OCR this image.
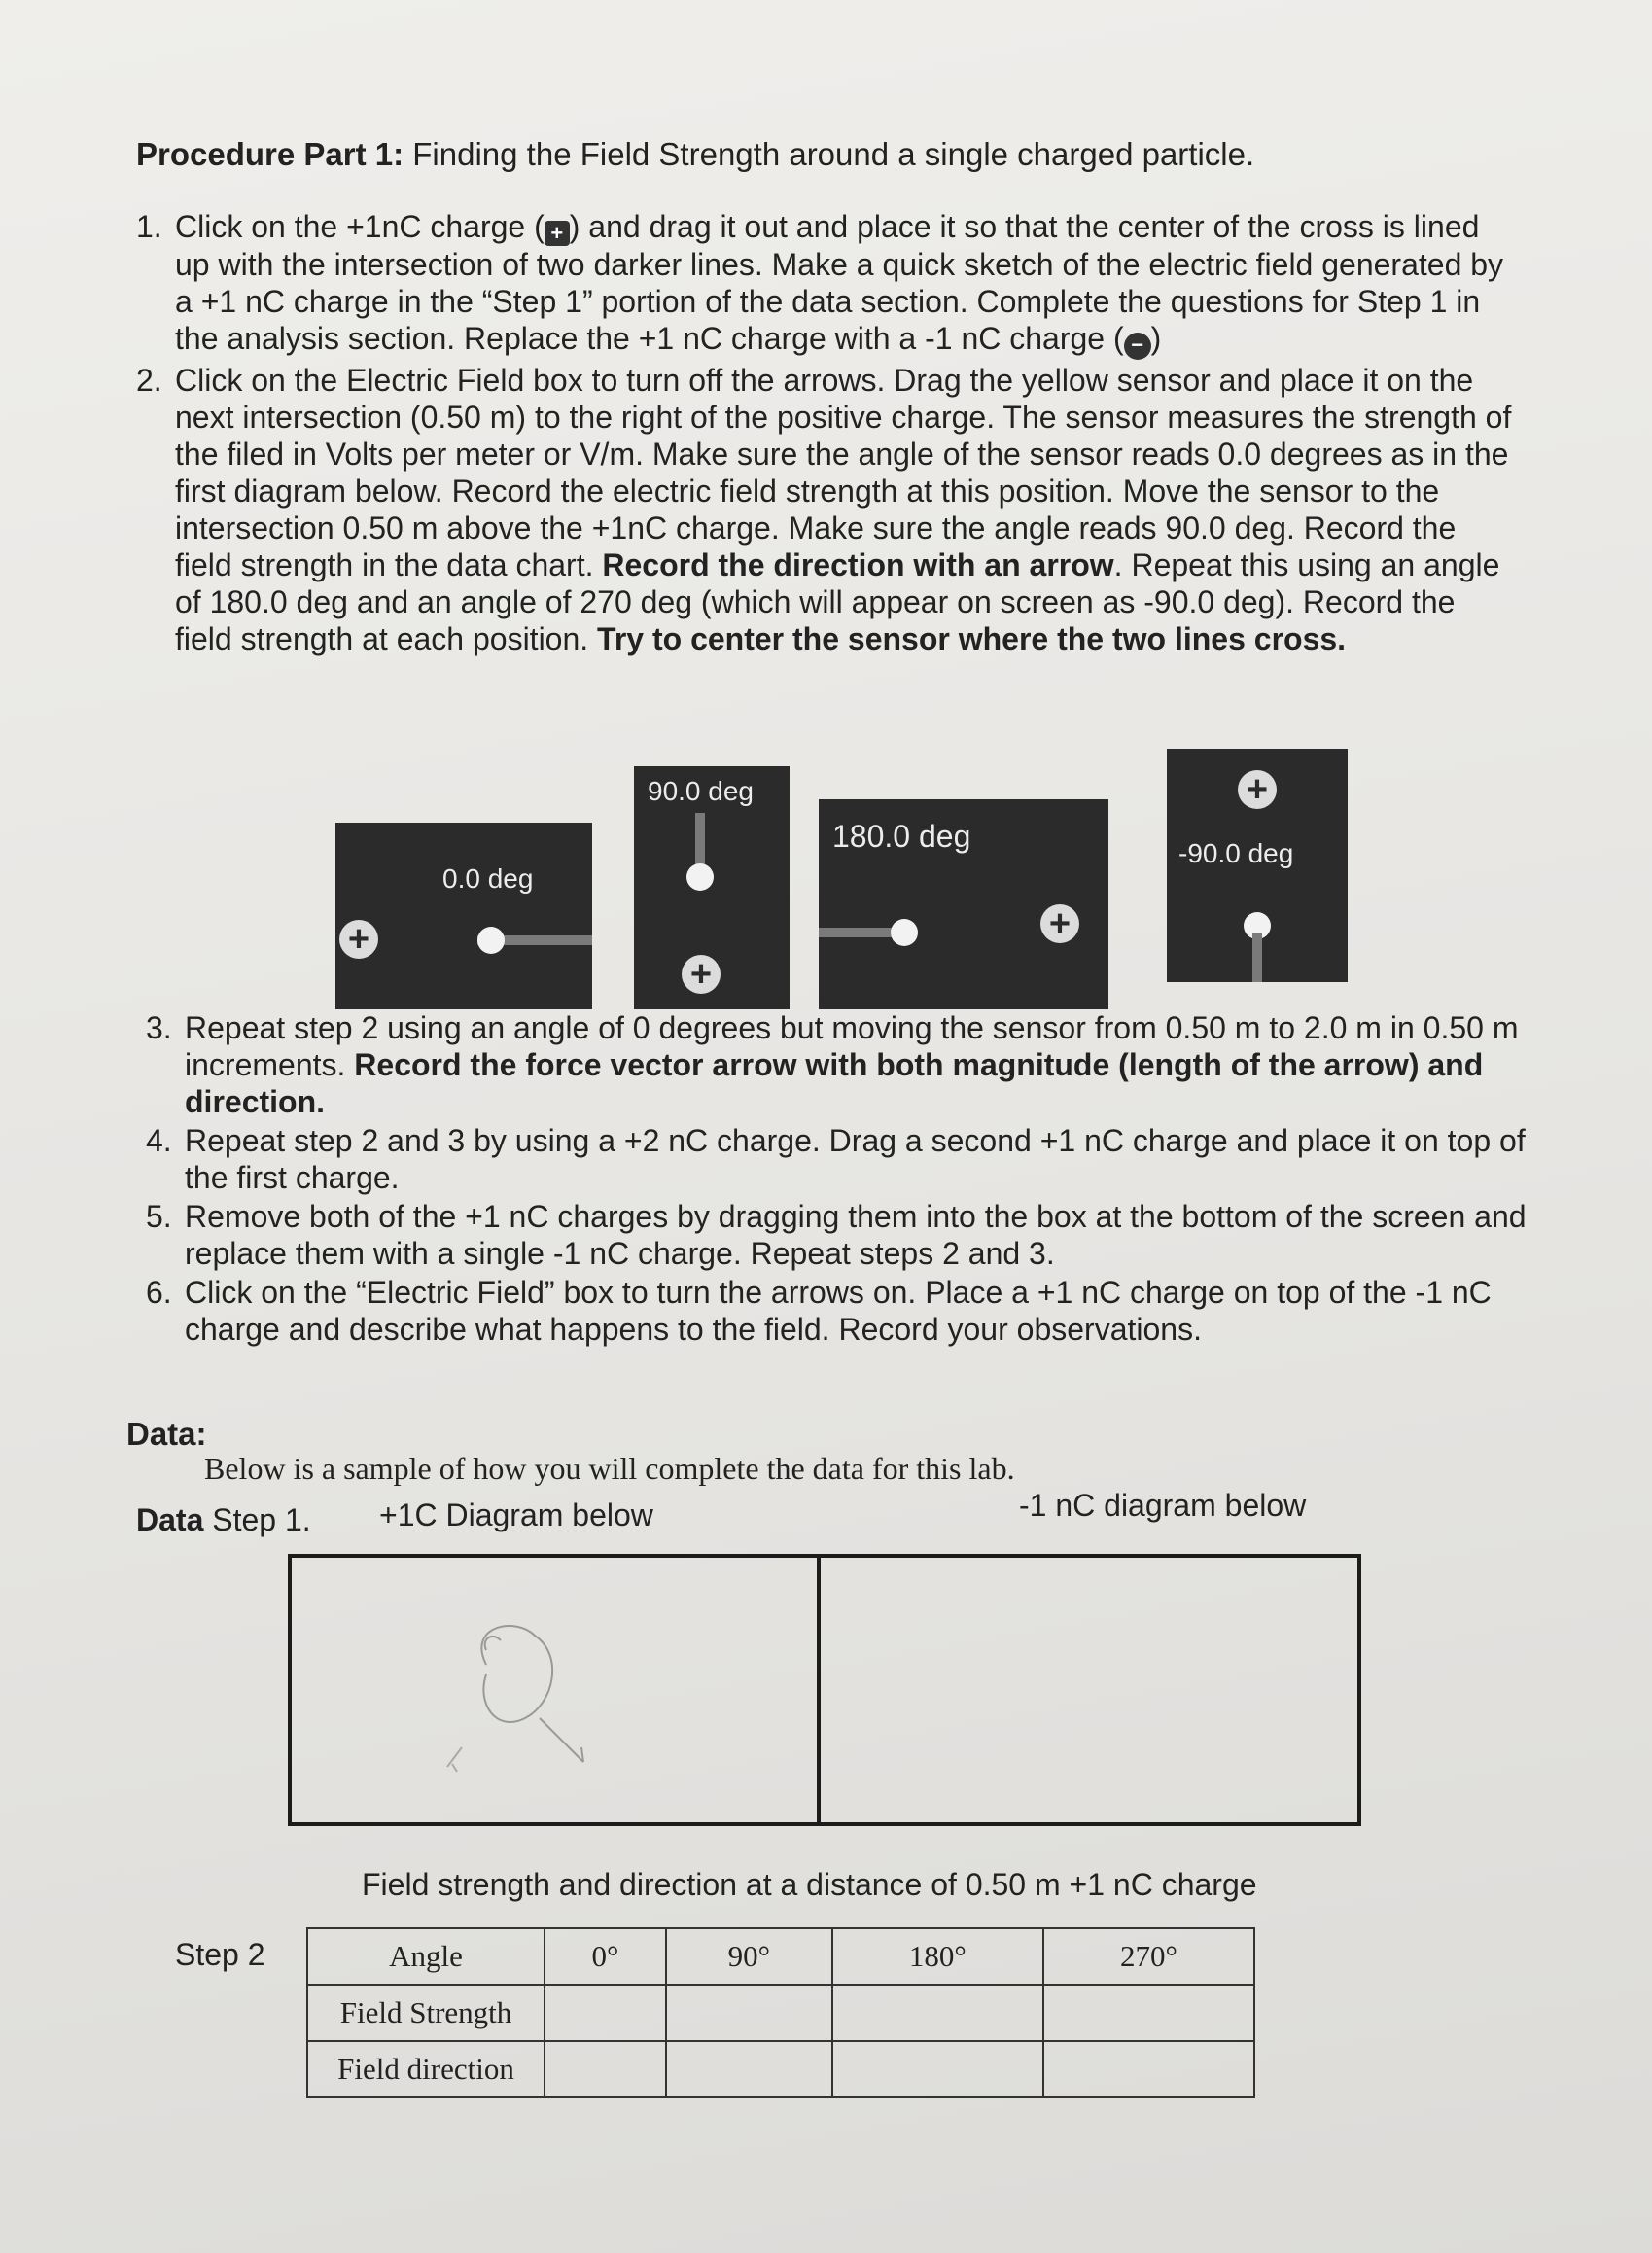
Procedure Part 1: Finding the Field Strength around a single charged particle.
1. Click on the +1nC charge ( + ) and drag it out and place it so that the center of the cross is lined up with the intersection of two darker lines. Make a quick sketch of the electric field generated by a +1 nC charge in the “Step 1” portion of the data section. Complete the questions for Step 1 in the analysis section. Replace the +1 nC charge with a -1 nC charge ( − )
2. Click on the Electric Field box to turn off the arrows. Drag the yellow sensor and place it on the next intersection (0.50 m) to the right of the positive charge. The sensor measures the strength of the filed in Volts per meter or V/m. Make sure the angle of the sensor reads 0.0 degrees as in the first diagram below. Record the electric field strength at this position. Move the sensor to the intersection 0.50 m above the +1nC charge. Make sure the angle reads 90.0 deg. Record the field strength in the data chart. Record the direction with an arrow. Repeat this using an angle of 180.0 deg and an angle of 270 deg (which will appear on screen as -90.0 deg). Record the field strength at each position. Try to center the sensor where the two lines cross.
0.0 deg
+
90.0 deg
+
180.0 deg
+
+
-90.0 deg
3. Repeat step 2 using an angle of 0 degrees but moving the sensor from 0.50 m to 2.0 m in 0.50 m increments. Record the force vector arrow with both magnitude (length of the arrow) and direction.
4. Repeat step 2 and 3 by using a +2 nC charge. Drag a second +1 nC charge and place it on top of the first charge.
5. Remove both of the +1 nC charges by dragging them into the box at the bottom of the screen and replace them with a single -1 nC charge. Repeat steps 2 and 3.
6. Click on the “Electric Field” box to turn the arrows on. Place a +1 nC charge on top of the -1 nC charge and describe what happens to the field. Record your observations.
Data:
Below is a sample of how you will complete the data for this lab.
Data Step 1. +1C Diagram below	-1 nC diagram below
Field strength and direction at a distance of 0.50 m +1 nC charge
Step 2	Angle	0°	90°	180°	270°
Field Strength				
Field direction				
